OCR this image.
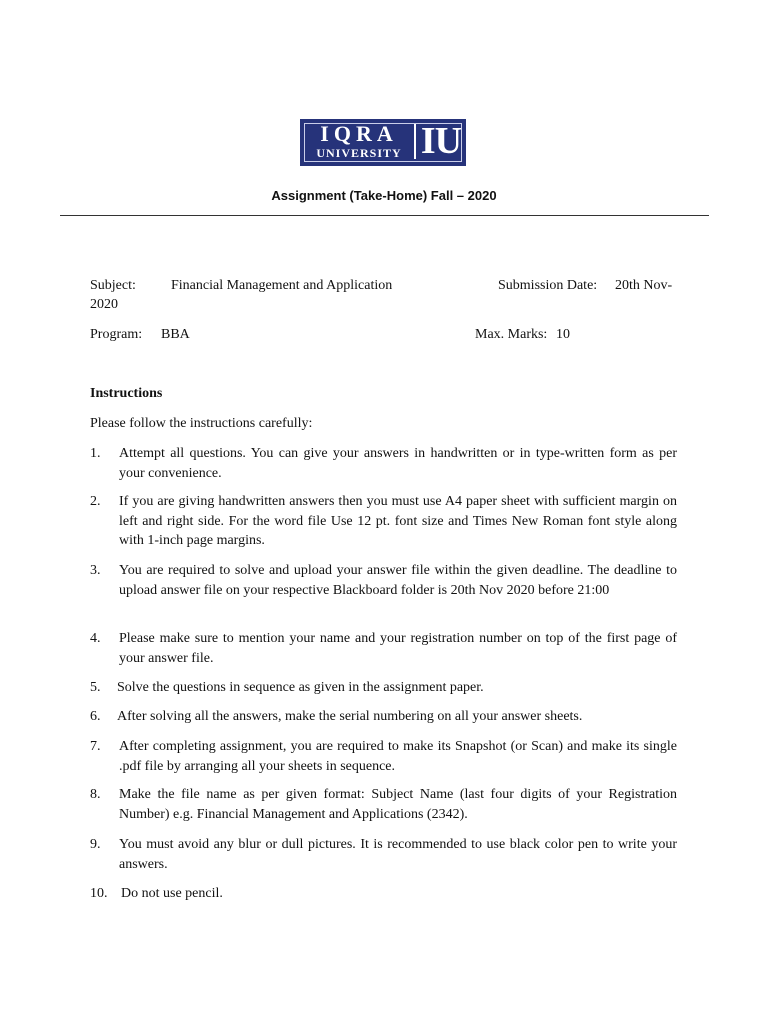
IQRA
UNIVERSITY IU
Assignment (Take-Home) Fall – 2020
Subject:	Financial Management and Application	Submission Date: 20th Nov-
2020
Program: BBA	Max. Marks: 10
Instructions
Please follow the instructions carefully:
1. Attempt all questions. You can give your answers in handwritten or in type-written form as per your convenience.
2. If you are giving handwritten answers then you must use A4 paper sheet with sufficient margin on left and right side. For the word file Use 12 pt. font size and Times New Roman font style along with 1-inch page margins.
3. You are required to solve and upload your answer file within the given deadline. The deadline to upload answer file on your respective Blackboard folder is 20th Nov 2020 before 21:00
4. Please make sure to mention your name and your registration number on top of the first page of your answer file.
5. Solve the questions in sequence as given in the assignment paper.
6. After solving all the answers, make the serial numbering on all your answer sheets.
7. After completing assignment, you are required to make its Snapshot (or Scan) and make its single .pdf file by arranging all your sheets in sequence.
8. Make the file name as per given format: Subject Name (last four digits of your Registration Number) e.g. Financial Management and Applications (2342).
9. You must avoid any blur or dull pictures. It is recommended to use black color pen to write your answers.
10. Do not use pencil.
